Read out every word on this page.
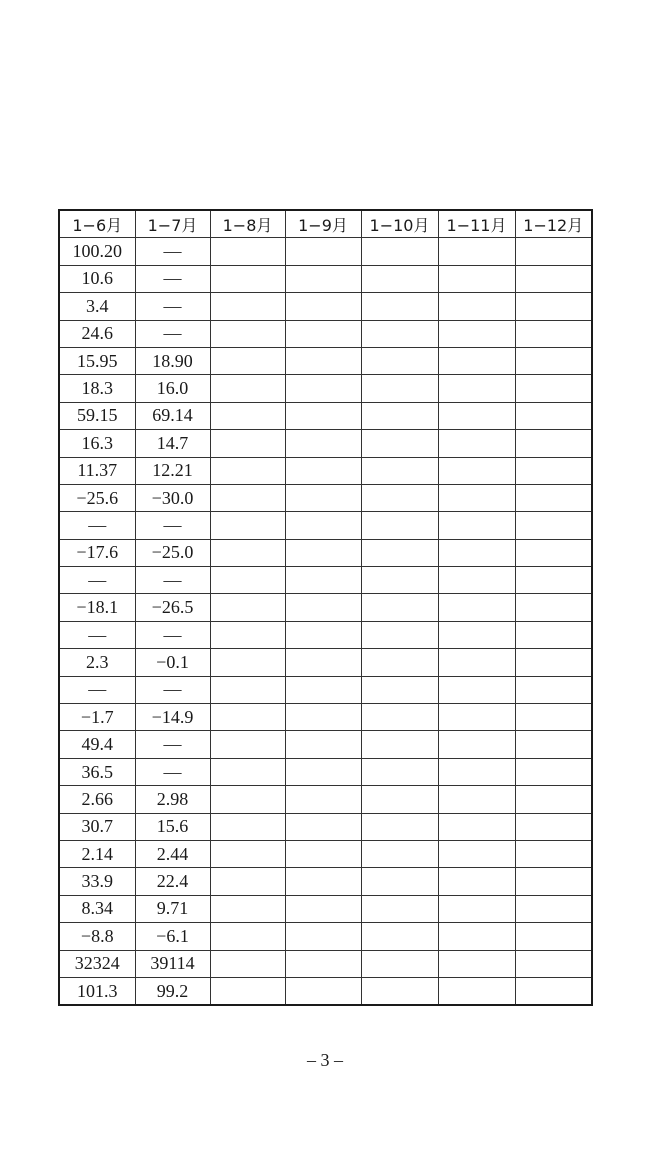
1−6月	1−7月	1−8月	1−9月	1−10月	1−11月	1−12月
100.20	—					
10.6	—					
3.4	—					
24.6	—					
15.95	18.90					
18.3	16.0					
59.15	69.14					
16.3	14.7					
11.37	12.21					
−25.6	−30.0					
—	—					
−17.6	−25.0					
—	—					
−18.1	−26.5					
—	—					
2.3	−0.1					
—	—					
−1.7	−14.9					
49.4	—					
36.5	—					
2.66	2.98					
30.7	15.6					
2.14	2.44					
33.9	22.4					
8.34	9.71					
−8.8	−6.1					
32324	39114					
101.3	99.2					
– 3 –
